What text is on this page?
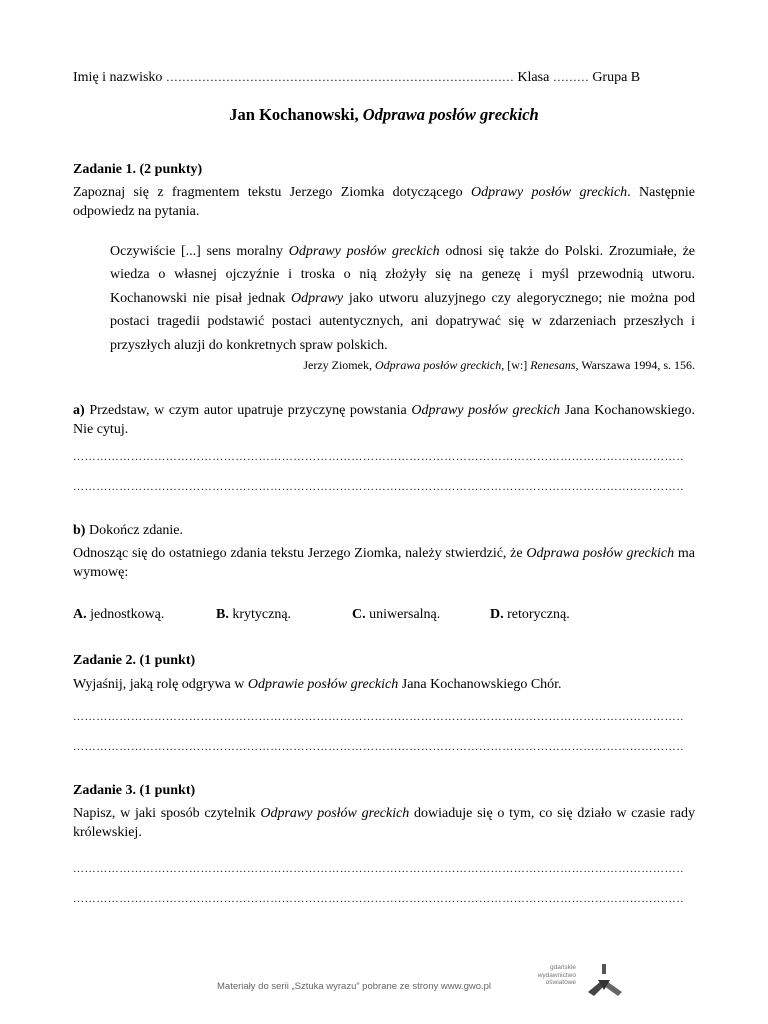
Imię i nazwisko …………………………………………………………………………… Klasa ……… Grupa B
Jan Kochanowski, Odprawa posłów greckich
Zadanie 1. (2 punkty)
Zapoznaj się z fragmentem tekstu Jerzego Ziomka dotyczącego Odprawy posłów greckich. Następnie odpowiedz na pytania.
Oczywiście [...] sens moralny Odprawy posłów greckich odnosi się także do Polski. Zrozumiałe, że wiedza o własnej ojczyźnie i troska o nią złożyły się na genezę i myśl przewodnią utworu. Kochanowski nie pisał jednak Odprawy jako utworu aluzyjnego czy alegorycznego; nie można pod postaci tragedii podstawić postaci autentycznych, ani dopatrywać się w zdarzeniach przeszłych i przyszłych aluzji do konkretnych spraw polskich.
Jerzy Ziomek, Odprawa posłów greckich, [w:] Renesans, Warszawa 1994, s. 156.
a) Przedstaw, w czym autor upatruje przyczynę powstania Odprawy posłów greckich Jana Kochanowskiego. Nie cytuj.
……………………………………………………………………………………………………………………………………………………………………
……………………………………………………………………………………………………………………………………………………………………
b) Dokończ zdanie.
Odnosząc się do ostatniego zdania tekstu Jerzego Ziomka, należy stwierdzić, że Odprawa posłów greckich ma wymowę:
A. jednostkową.	B. krytyczną.	C. uniwersalną.	D. retoryczną.
Zadanie 2. (1 punkt)
Wyjaśnij, jaką rolę odgrywa w Odprawie posłów greckich Jana Kochanowskiego Chór.
……………………………………………………………………………………………………………………………………………………………………
……………………………………………………………………………………………………………………………………………………………………
Zadanie 3. (1 punkt)
Napisz, w jaki sposób czytelnik Odprawy posłów greckich dowiaduje się o tym, co się działo w czasie rady królewskiej.
……………………………………………………………………………………………………………………………………………………………………
……………………………………………………………………………………………………………………………………………………………………
Materiały do serii „Sztuka wyrazu” pobrane ze strony www.gwo.pl
gdańskie
wydawnictwo
oświatowe
